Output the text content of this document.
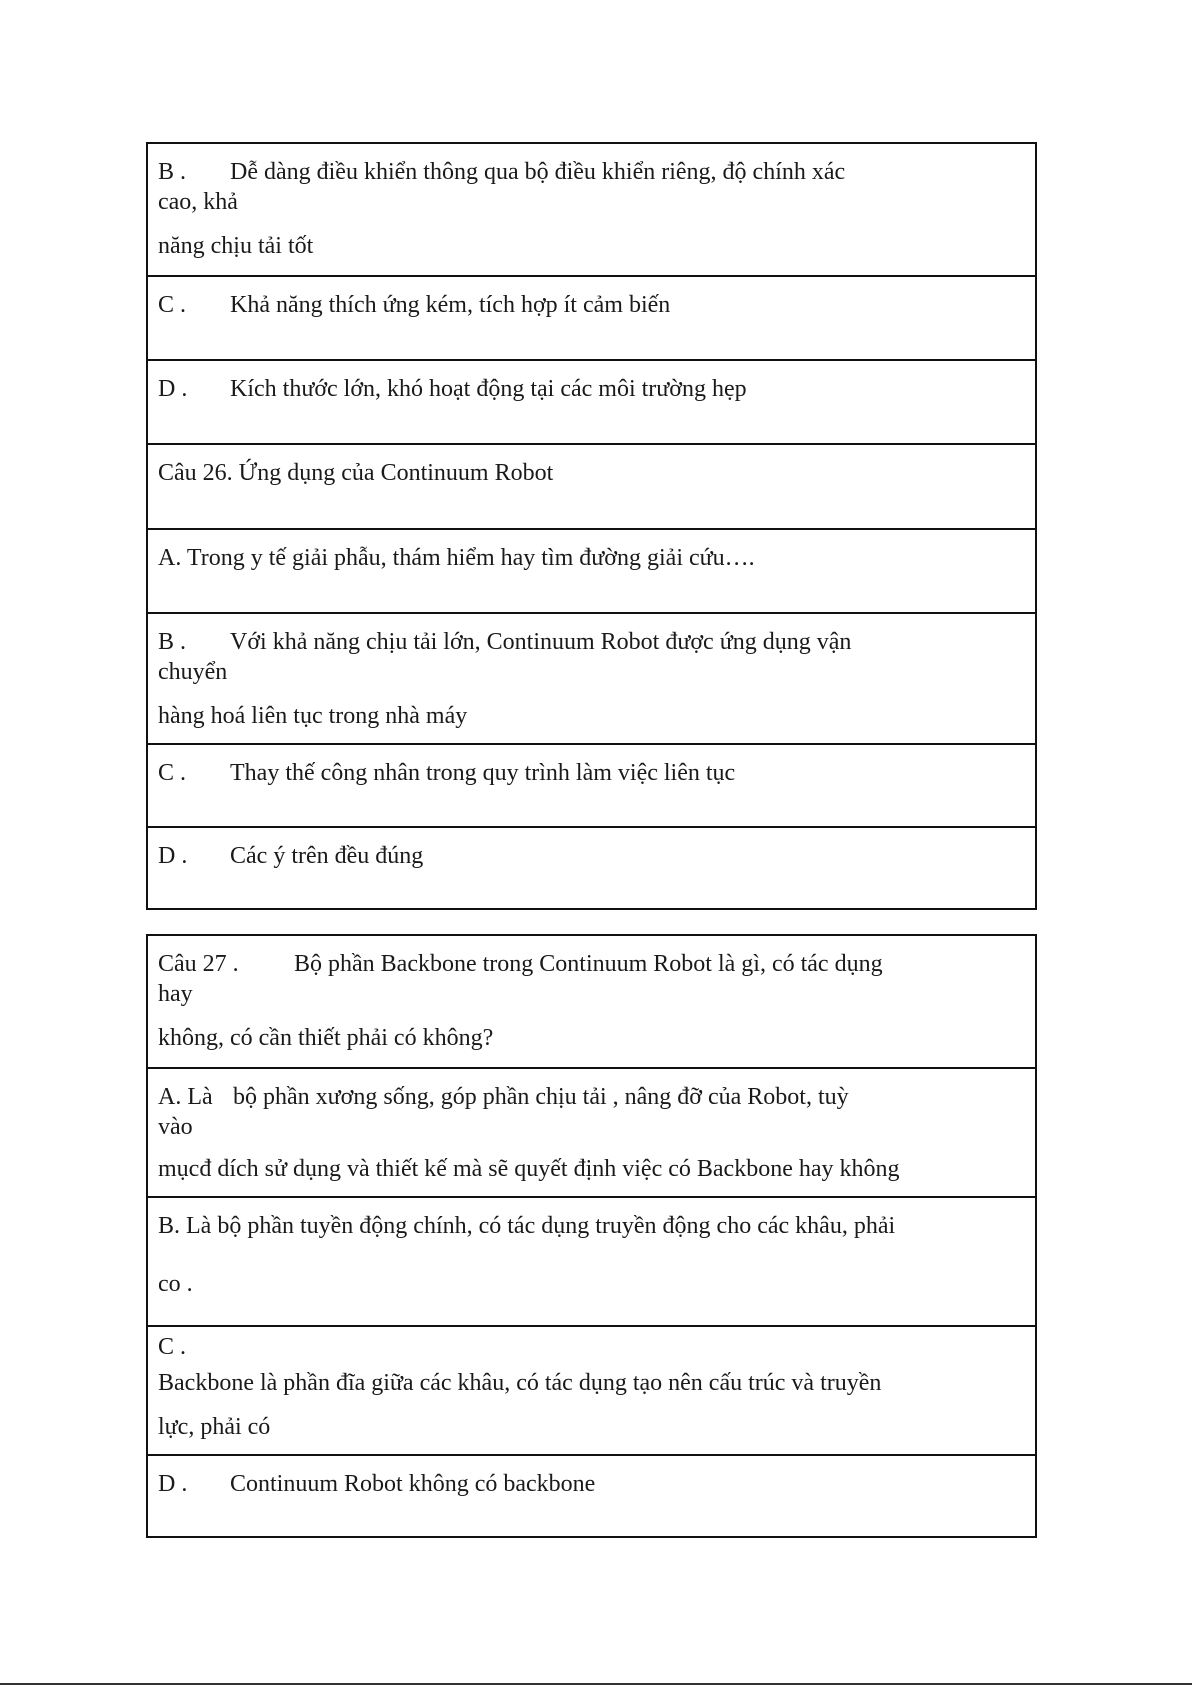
B . Dễ dàng điều khiển thông qua bộ điều khiển riêng, độ chính xác
cao, khả
năng chịu tải tốt
C . Khả năng thích ứng kém, tích hợp ít cảm biến
D . Kích thước lớn, khó hoạt động tại các môi trường hẹp
Câu 26. Ứng dụng của Continuum Robot
A. Trong y tế giải phẫu, thám hiểm hay tìm đường giải cứu….
B . Với khả năng chịu tải lớn, Continuum Robot được ứng dụng vận
chuyển
hàng hoá liên tục trong nhà máy
C . Thay thế công nhân trong quy trình làm việc liên tục
D . Các ý trên đều đúng
Câu 27 . Bộ phần Backbone trong Continuum Robot là gì, có tác dụng
hay
không, có cần thiết phải có không?
A. Là bộ phần xương sống, góp phần chịu tải , nâng đỡ của Robot, tuỳ
vào
mụcđ dích sử dụng và thiết kế mà sẽ quyết định việc có Backbone hay không
B. Là bộ phần tuyền động chính, có tác dụng truyền động cho các khâu, phải
co .
C .
Backbone là phần đĩa giữa các khâu, có tác dụng tạo nên cấu trúc và truyền
lực, phải có
D . Continuum Robot không có backbone
